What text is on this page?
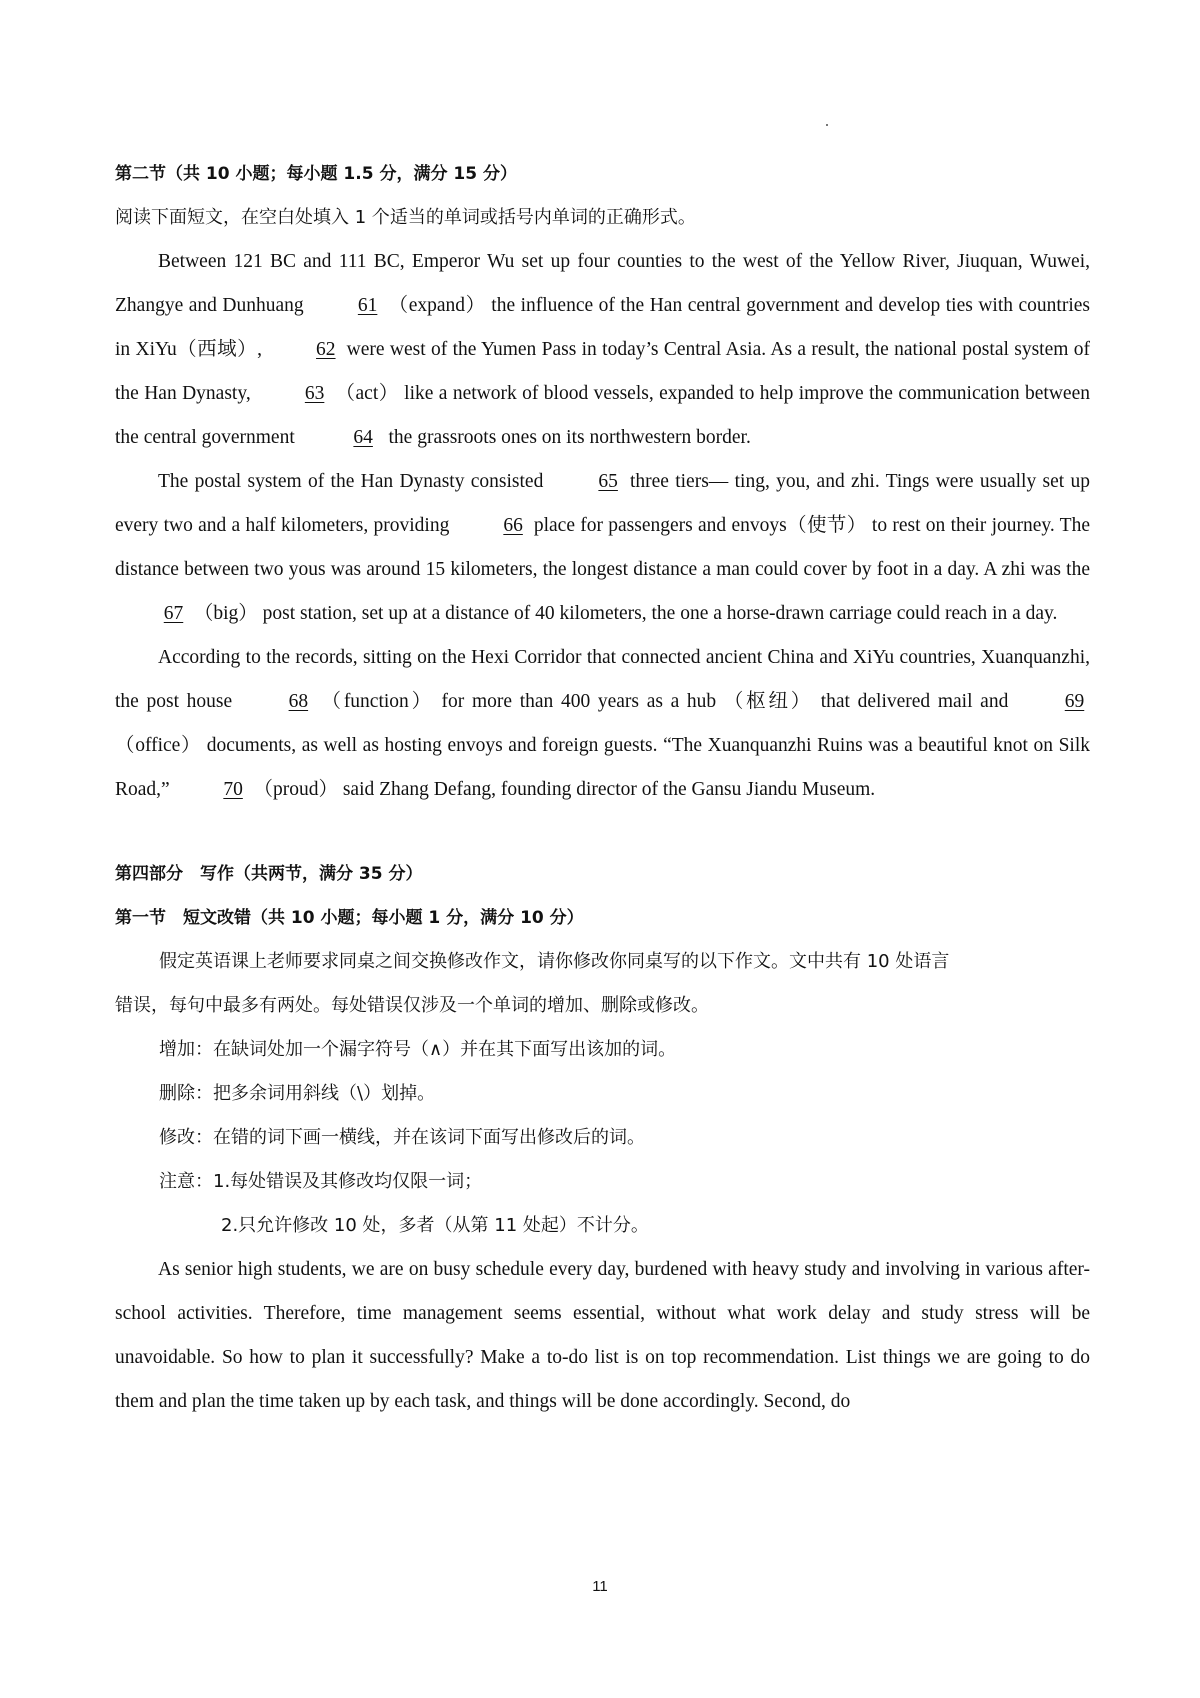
第二节（共 10 小题；每小题 1.5 分，满分 15 分）
阅读下面短文，在空白处填入 1 个适当的单词或括号内单词的正确形式。

Between 121 BC and 111 BC, Emperor Wu set up four counties to the west of the Yellow River, Jiuquan, Wuwei, Zhangye and Dunhuang	61 （expand） the influence of the Han central government and develop ties with countries in XiYu（西域）,	62 were west of the Yumen Pass in today’s Central Asia. As a result, the national postal system of the Han Dynasty,	63 （act） like a network of blood vessels, expanded to help improve the communication between the central government	64 the grassroots ones on its northwestern border.

The postal system of the Han Dynasty consisted	65 three tiers— ting, you, and zhi. Tings were usually set up every two and a half kilometers, providing	66 place for passengers and envoys（使节） to rest on their journey. The distance between two yous was around 15 kilometers, the longest distance a man could cover by foot in a day. A zhi was the 67 （big） post station, set up at a distance of 40 kilometers, the one a horse-drawn carriage could reach in a day.

According to the records, sitting on the Hexi Corridor that connected ancient China and XiYu countries, Xuanquanzhi, the post house	68 （function） for more than 400 years as a hub （枢纽） that delivered mail and	69 （office） documents, as well as hosting envoys and foreign guests. “The Xuanquanzhi Ruins was a beautiful knot on Silk Road,”	70 （proud） said Zhang Defang, founding director of the Gansu Jiandu Museum.

第四部分　写作（共两节，满分 35 分）
第一节　短文改错（共 10 小题；每小题 1 分，满分 10 分）
假定英语课上老师要求同桌之间交换修改作文，请你修改你同桌写的以下作文。文中共有 10 处语言
错误，每句中最多有两处。每处错误仅涉及一个单词的增加、删除或修改。
增加：在缺词处加一个漏字符号（∧）并在其下面写出该加的词。
删除：把多余词用斜线（\）划掉。
修改：在错的词下画一横线，并在该词下面写出修改后的词。
注意：1.每处错误及其修改均仅限一词；
2.只允许修改 10 处，多者（从第 11 处起）不计分。

As senior high students, we are on busy schedule every day, burdened with heavy study and involving in various after-school activities. Therefore, time management seems essential, without what work delay and study stress will be unavoidable. So how to plan it successfully? Make a to-do list is on top recommendation. List things we are going to do them and plan the time taken up by each task, and things will be done accordingly. Second, do

11
